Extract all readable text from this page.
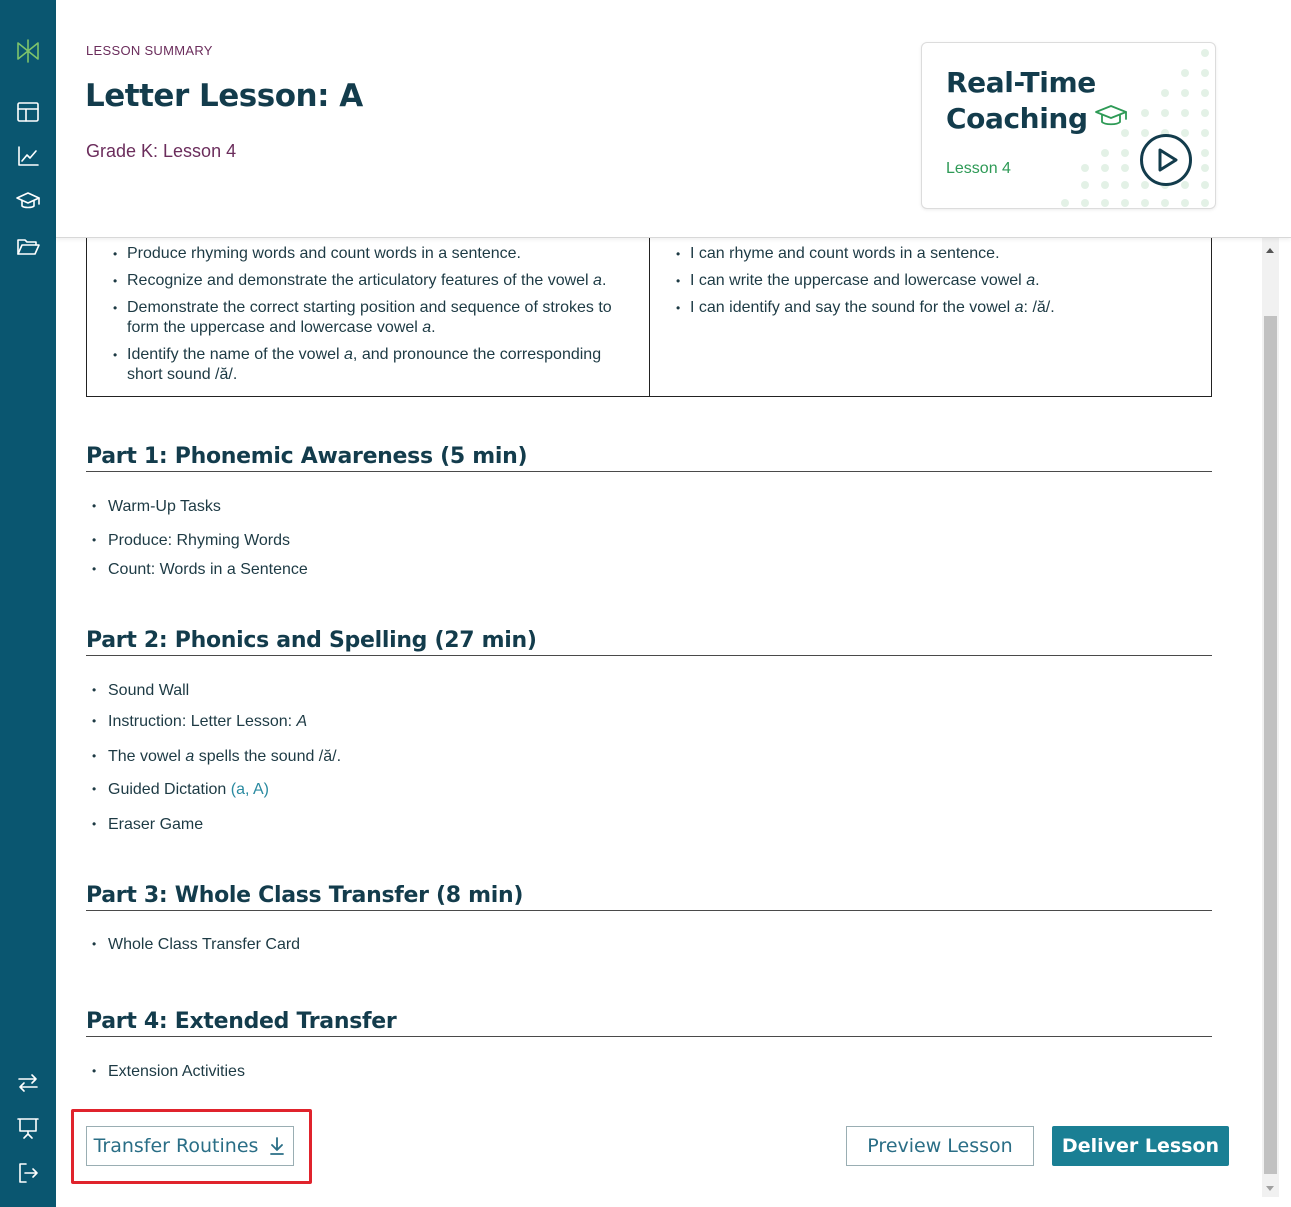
LESSON SUMMARY
Letter Lesson: A
Grade K: Lesson 4
Real-Time
Coaching
Lesson 4
• Produce rhyming words and count words in a sentence.
• Recognize and demonstrate the articulatory features of the vowel a.
• Demonstrate the correct starting position and sequence of strokes to form the uppercase and lowercase vowel a.
• Identify the name of the vowel a, and pronounce the corresponding short sound /ă/.
• I can rhyme and count words in a sentence.
• I can write the uppercase and lowercase vowel a.
• I can identify and say the sound for the vowel a: /ă/.
Part 1: Phonemic Awareness (5 min)
• Warm-Up Tasks
• Produce: Rhyming Words
• Count: Words in a Sentence
Part 2: Phonics and Spelling (27 min)
• Sound Wall
• Instruction: Letter Lesson: A
• The vowel a spells the sound /ă/.
• Guided Dictation (a, A)
• Eraser Game
Part 3: Whole Class Transfer (8 min)
• Whole Class Transfer Card
Part 4: Extended Transfer
• Extension Activities
Transfer Routines	Preview Lesson	Deliver Lesson
